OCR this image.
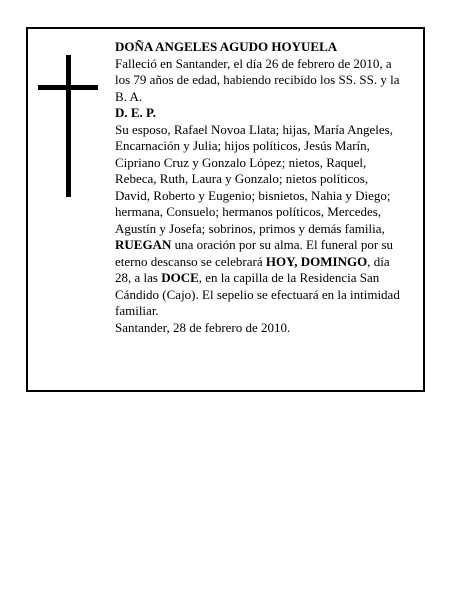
DOÑA ANGELES AGUDO HOYUELA

Falleció en Santander, el día 26 de febrero de 2010, a los 79 años de edad, habiendo recibido los SS. SS. y la B. A.

D. E. P.

Su esposo, Rafael Novoa Llata; hijas, María Angeles, Encarnación y Julia; hijos políticos, Jesús Marín, Cipriano Cruz y Gonzalo López; nietos, Raquel, Rebeca, Ruth, Laura y Gonzalo; nietos políticos, David, Roberto y Eugenio; bisnietos, Nahia y Diego; hermana, Consuelo; hermanos políticos, Mercedes, Agustín y Josefa; sobrinos, primos y demás familia,

RUEGAN una oración por su alma. El funeral por su eterno descanso se celebrará HOY, DOMINGO, día 28, a las DOCE, en la capilla de la Residencia San Cándido (Cajo). El sepelio se efectuará en la intimidad familiar.

Santander, 28 de febrero de 2010.
